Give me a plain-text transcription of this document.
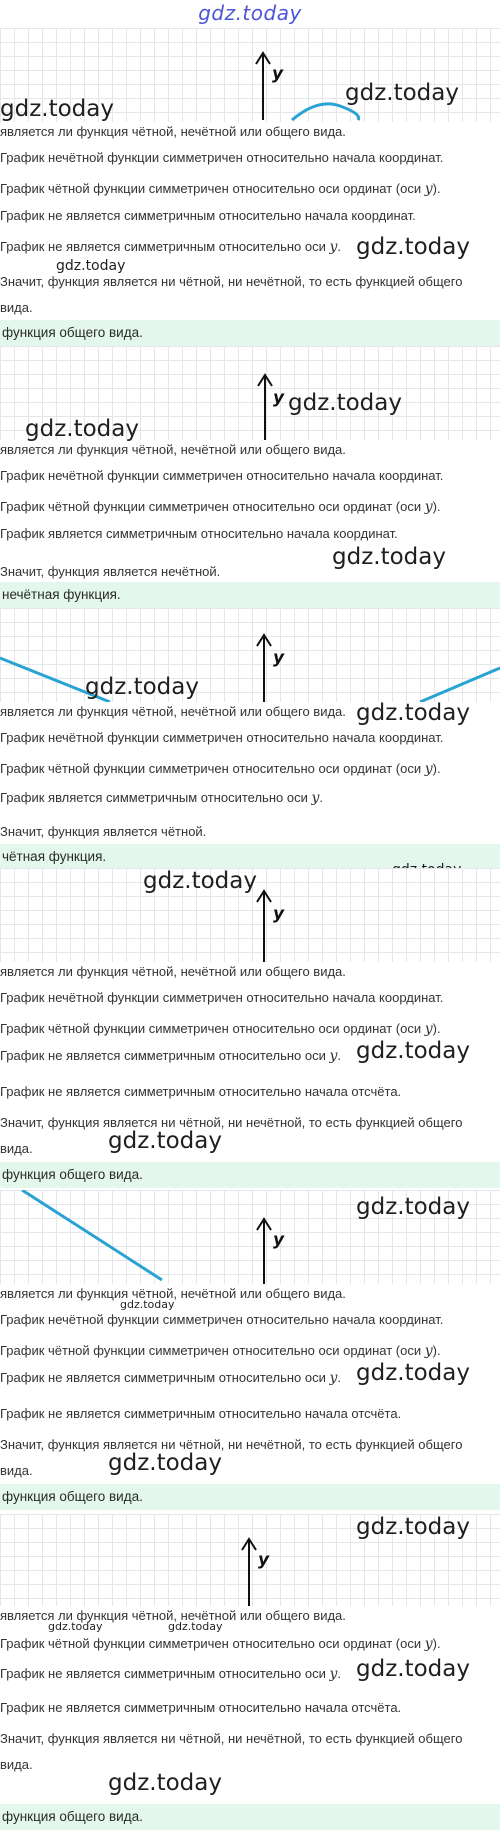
gdz.today
y
gdz.today
gdz.today
является ли функция чётной, нечётной или общего вида.
График нечётной функции симметричен относительно начала координат.
График чётной функции симметричен относительно оси ординат (оси y).
График не является симметричным относительно начала координат.
График не является симметричным относительно оси y. gdz.today
gdz.today
Значит, функция является ни чётной, ни нечётной, то есть функцией общего вида.
функция общего вида.
y gdz.today
gdz.today
является ли функция чётной, нечётной или общего вида.
График нечётной функции симметричен относительно начала координат.
График чётной функции симметричен относительно оси ординат (оси y).
График является симметричным относительно начала координат.
gdz.today
Значит, функция является нечётной.
нечётная функция.
y
gdz.today
gdz.today
является ли функция чётной, нечётной или общего вида.
График нечётной функции симметричен относительно начала координат.
График чётной функции симметричен относительно оси ординат (оси y).
График является симметричным относительно оси y.
Значит, функция является чётной.
чётная функция.
y
gdz.today
является ли функция чётной, нечётной или общего вида.
График нечётной функции симметричен относительно начала координат.
График чётной функции симметричен относительно оси ординат (оси y).
График не является симметричным относительно оси y. gdz.today
График не является симметричным относительно начала отсчёта.
Значит, функция является ни чётной, ни нечётной, то есть функцией общего вида.	gdz.today
функция общего вида.
y
gdz.today
является ли функция чётной, нечётной или общего вида.
gdz.today
График нечётной функции симметричен относительно начала координат.
График чётной функции симметричен относительно оси ординат (оси y).
График не является симметричным относительно оси y. gdz.today
График не является симметричным относительно начала отсчёта.
Значит, функция является ни чётной, ни нечётной, то есть функцией общего вида.	gdz.today
функция общего вида.
y
gdz.today
является ли функция чётной, нечётной или общего вида.
gdz.today	gdz.today
График чётной функции симметричен относительно оси ординат (оси y).
График не является симметричным относительно оси y. gdz.today
График не является симметричным относительно начала отсчёта.
Значит, функция является ни чётной, ни нечётной, то есть функцией общего вида.
gdz.today
функция общего вида.
